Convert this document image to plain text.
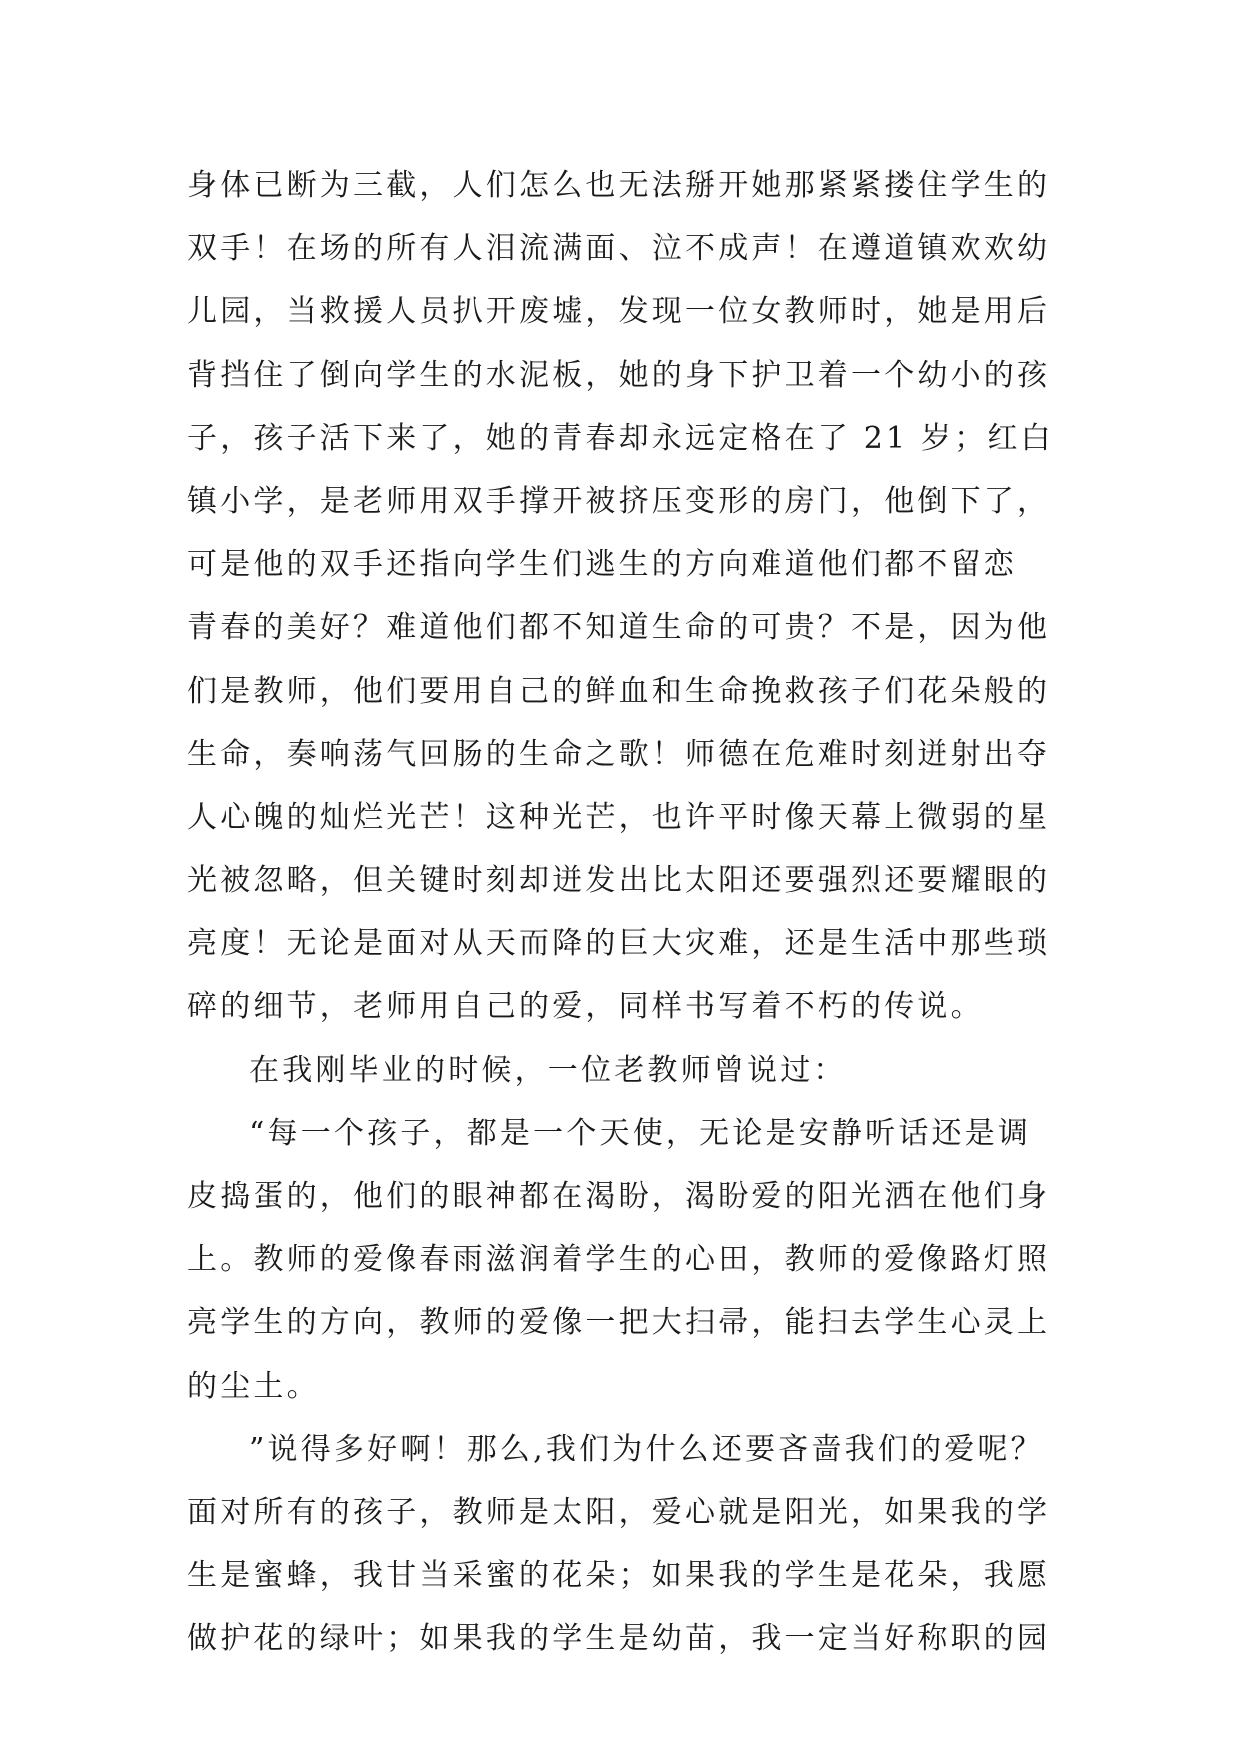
身体已断为三截，人们怎么也无法掰开她那紧紧搂住学生的
双手！在场的所有人泪流满面、泣不成声！在遵道镇欢欢幼
儿园，当救援人员扒开废墟，发现一位女教师时，她是用后
背挡住了倒向学生的水泥板，她的身下护卫着一个幼小的孩
子，孩子活下来了，她的青春却永远定格在了 21 岁；红白
镇小学，是老师用双手撑开被挤压变形的房门，他倒下了，
可是他的双手还指向学生们逃生的方向难道他们都不留恋
青春的美好？难道他们都不知道生命的可贵？不是，因为他
们是教师，他们要用自己的鲜血和生命挽救孩子们花朵般的
生命，奏响荡气回肠的生命之歌！师德在危难时刻迸射出夺
人心魄的灿烂光芒！这种光芒，也许平时像天幕上微弱的星
光被忽略，但关键时刻却迸发出比太阳还要强烈还要耀眼的
亮度！无论是面对从天而降的巨大灾难，还是生活中那些琐
碎的细节，老师用自己的爱，同样书写着不朽的传说。
在我刚毕业的时候，一位老教师曾说过：
“每一个孩子，都是一个天使，无论是安静听话还是调
皮捣蛋的，他们的眼神都在渴盼，渴盼爱的阳光洒在他们身
上。教师的爱像春雨滋润着学生的心田，教师的爱像路灯照
亮学生的方向，教师的爱像一把大扫帚，能扫去学生心灵上
的尘土。
”说得多好啊！那么,我们为什么还要吝啬我们的爱呢？
面对所有的孩子，教师是太阳，爱心就是阳光，如果我的学
生是蜜蜂，我甘当采蜜的花朵；如果我的学生是花朵，我愿
做护花的绿叶；如果我的学生是幼苗，我一定当好称职的园
